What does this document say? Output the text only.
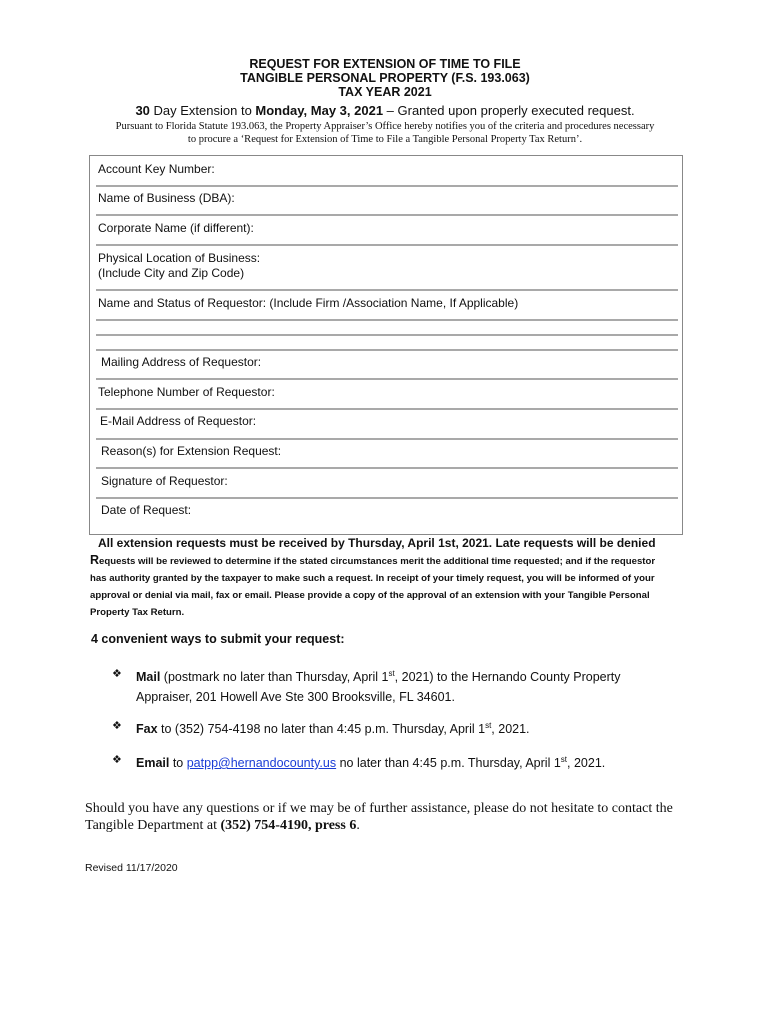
REQUEST FOR EXTENSION OF TIME TO FILE
TANGIBLE PERSONAL PROPERTY (F.S. 193.063)
TAX YEAR 2021
30 Day Extension to Monday, May 3, 2021 – Granted upon properly executed request.
Pursuant to Florida Statute 193.063, the Property Appraiser’s Office hereby notifies you of the criteria and procedures necessary
to procure a ‘Request for Extension of Time to File a Tangible Personal Property Tax Return’.
Account Key Number:
Name of Business (DBA):
Corporate Name (if different):
Physical Location of Business:
(Include City and Zip Code)
Name and Status of Requestor: (Include Firm /Association Name, If Applicable)
Mailing Address of Requestor:
Telephone Number of Requestor:
E-Mail Address of Requestor:
Reason(s) for Extension Request:
Signature of Requestor:
Date of Request:
All extension requests must be received by Thursday, April 1st, 2021. Late requests will be denied
Requests will be reviewed to determine if the stated circumstances merit the additional time requested; and if the requestor
has authority granted by the taxpayer to make such a request. In receipt of your timely request, you will be informed of your
approval or denial via mail, fax or email. Please provide a copy of the approval of an extension with your Tangible Personal
Property Tax Return.
4 convenient ways to submit your request:
❖ Mail (postmark no later than Thursday, April 1st, 2021) to the Hernando County Property
Appraiser, 201 Howell Ave Ste 300 Brooksville, FL 34601.
❖ Fax to (352) 754-4198 no later than 4:45 p.m. Thursday, April 1st, 2021.
❖ Email to patpp@hernandocounty.us no later than 4:45 p.m. Thursday, April 1st, 2021.
Should you have any questions or if we may be of further assistance, please do not hesitate to contact the
Tangible Department at (352) 754-4190, press 6.
Revised 11/17/2020
